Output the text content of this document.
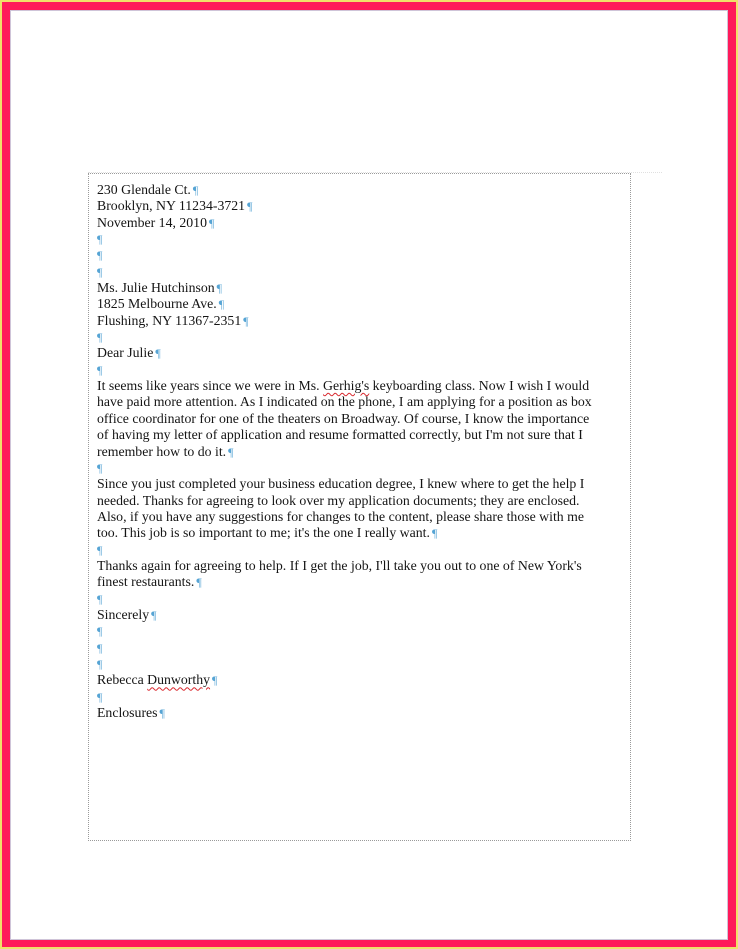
230 Glendale Ct. ¶
Brooklyn, NY 11234-3721 ¶
November 14, 2010 ¶
¶
¶
¶
Ms. Julie Hutchinson ¶
1825 Melbourne Ave. ¶
Flushing, NY 11367-2351 ¶
¶
Dear Julie ¶
¶
It seems like years since we were in Ms. Gerhig's keyboarding class. Now I wish I would
have paid more attention. As I indicated on the phone, I am applying for a position as box
office coordinator for one of the theaters on Broadway. Of course, I know the importance
of having my letter of application and resume formatted correctly, but I'm not sure that I
remember how to do it. ¶
¶
Since you just completed your business education degree, I knew where to get the help I
needed. Thanks for agreeing to look over my application documents; they are enclosed.
Also, if you have any suggestions for changes to the content, please share those with me
too. This job is so important to me; it's the one I really want. ¶
¶
Thanks again for agreeing to help. If I get the job, I'll take you out to one of New York's
finest restaurants. ¶
¶
Sincerely ¶
¶
¶
¶
Rebecca Dunworthy ¶
¶
Enclosures ¶
